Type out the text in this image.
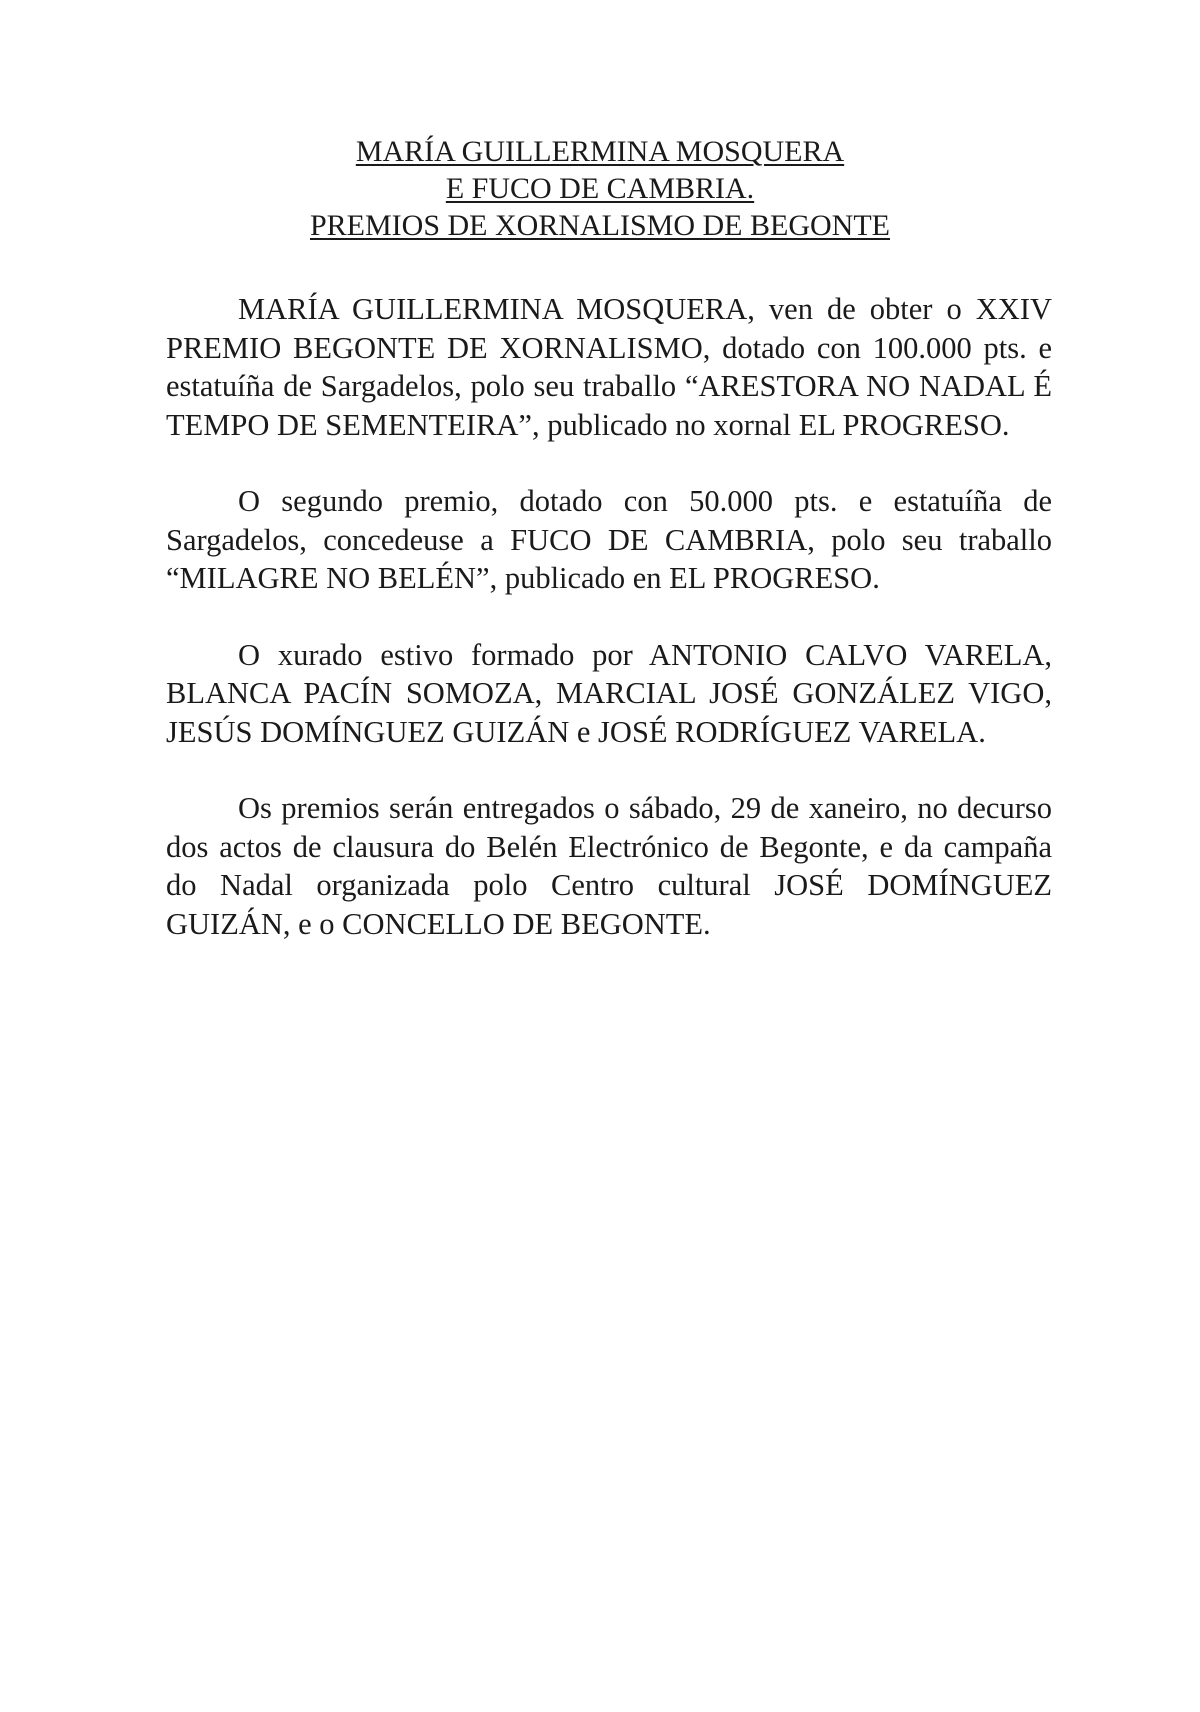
MARÍA GUILLERMINA MOSQUERA
E FUCO DE CAMBRIA.
PREMIOS DE XORNALISMO DE BEGONTE

MARÍA GUILLERMINA MOSQUERA, ven de obter o XXIV PREMIO BEGONTE DE XORNALISMO, dotado con 100.000 pts. e estatuíña de Sargadelos, polo seu traballo “ARESTORA NO NADAL É TEMPO DE SEMENTEIRA”, publicado no xornal EL PROGRESO.

O segundo premio, dotado con 50.000 pts. e estatuíña de Sargadelos, concedeuse a FUCO DE CAMBRIA, polo seu traballo “MILAGRE NO BELÉN”, publicado en EL PROGRESO.

O xurado estivo formado por ANTONIO CALVO VARELA, BLANCA PACÍN SOMOZA, MARCIAL JOSÉ GONZÁLEZ VIGO, JESÚS DOMÍNGUEZ GUIZÁN e JOSÉ RODRÍGUEZ VARELA.

Os premios serán entregados o sábado, 29 de xaneiro, no decurso dos actos de clausura do Belén Electrónico de Begonte, e da campaña do Nadal organizada polo Centro cultural JOSÉ DOMÍNGUEZ GUIZÁN, e o CONCELLO DE BEGONTE.
